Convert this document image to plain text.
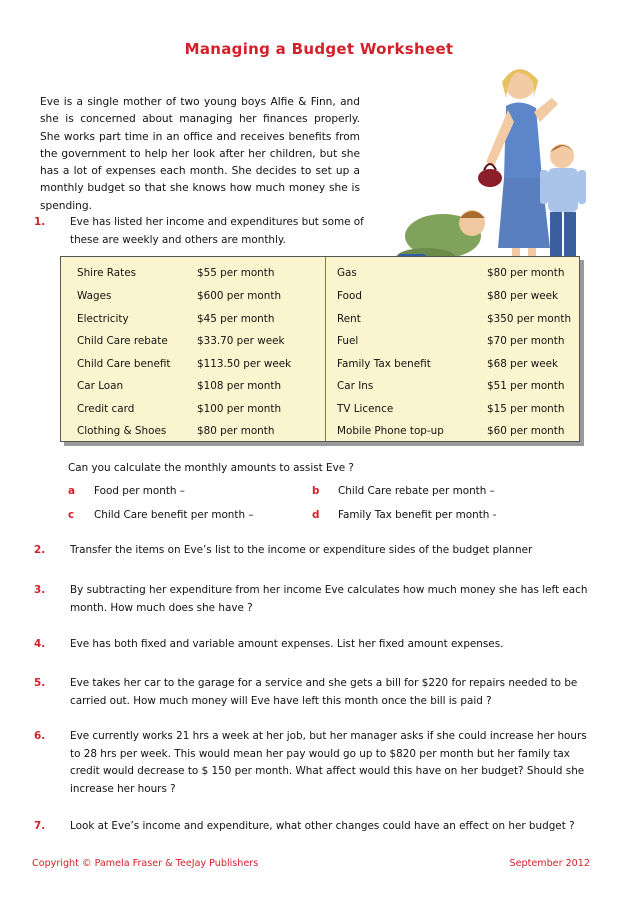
Managing a Budget Worksheet

Eve is a single mother of two young boys Alfie & Finn, and she is concerned about managing her finances properly. She works part time in an office and receives benefits from the government to help her look after her children, but she has a lot of expenses each month. She decides to set up a monthly budget so that she knows how much money she is spending.

1. Eve has listed her income and expenditures but some of these are weekly and others are monthly.
Shire Rates	$55 per month
Wages	$600 per month
Electricity	$45 per month
Child Care rebate	$33.70 per week
Child Care benefit	$113.50 per week
Car Loan	$108 per month
Credit card	$100 per month
Clothing & Shoes	$80 per month
Gas	$80 per month
Food	$80 per week
Rent	$350 per month
Fuel	$70 per month
Family Tax benefit	$68 per week
Car Ins	$51 per month
TV Licence	$15 per month
Mobile Phone top-up	$60 per month
Can you calculate the monthly amounts to assist Eve ?
a Food per month –	b Child Care rebate per month –
c Child Care benefit per month –	d Family Tax benefit per month -
2. Transfer the items on Eve’s list to the income or expenditure sides of the budget planner
3. By subtracting her expenditure from her income Eve calculates how much money she has left each month. How much does she have ?
4. Eve has both fixed and variable amount expenses. List her fixed amount expenses.
5. Eve takes her car to the garage for a service and she gets a bill for $220 for repairs needed to be carried out. How much money will Eve have left this month once the bill is paid ?
6. Eve currently works 21 hrs a week at her job, but her manager asks if she could increase her hours to 28 hrs per week. This would mean her pay would go up to $820 per month but her family tax credit would decrease to $ 150 per month. What affect would this have on her budget? Should she increase her hours ?
7. Look at Eve’s income and expenditure, what other changes could have an effect on her budget ?
Copyright © Pamela Fraser & TeeJay Publishers	September 2012
